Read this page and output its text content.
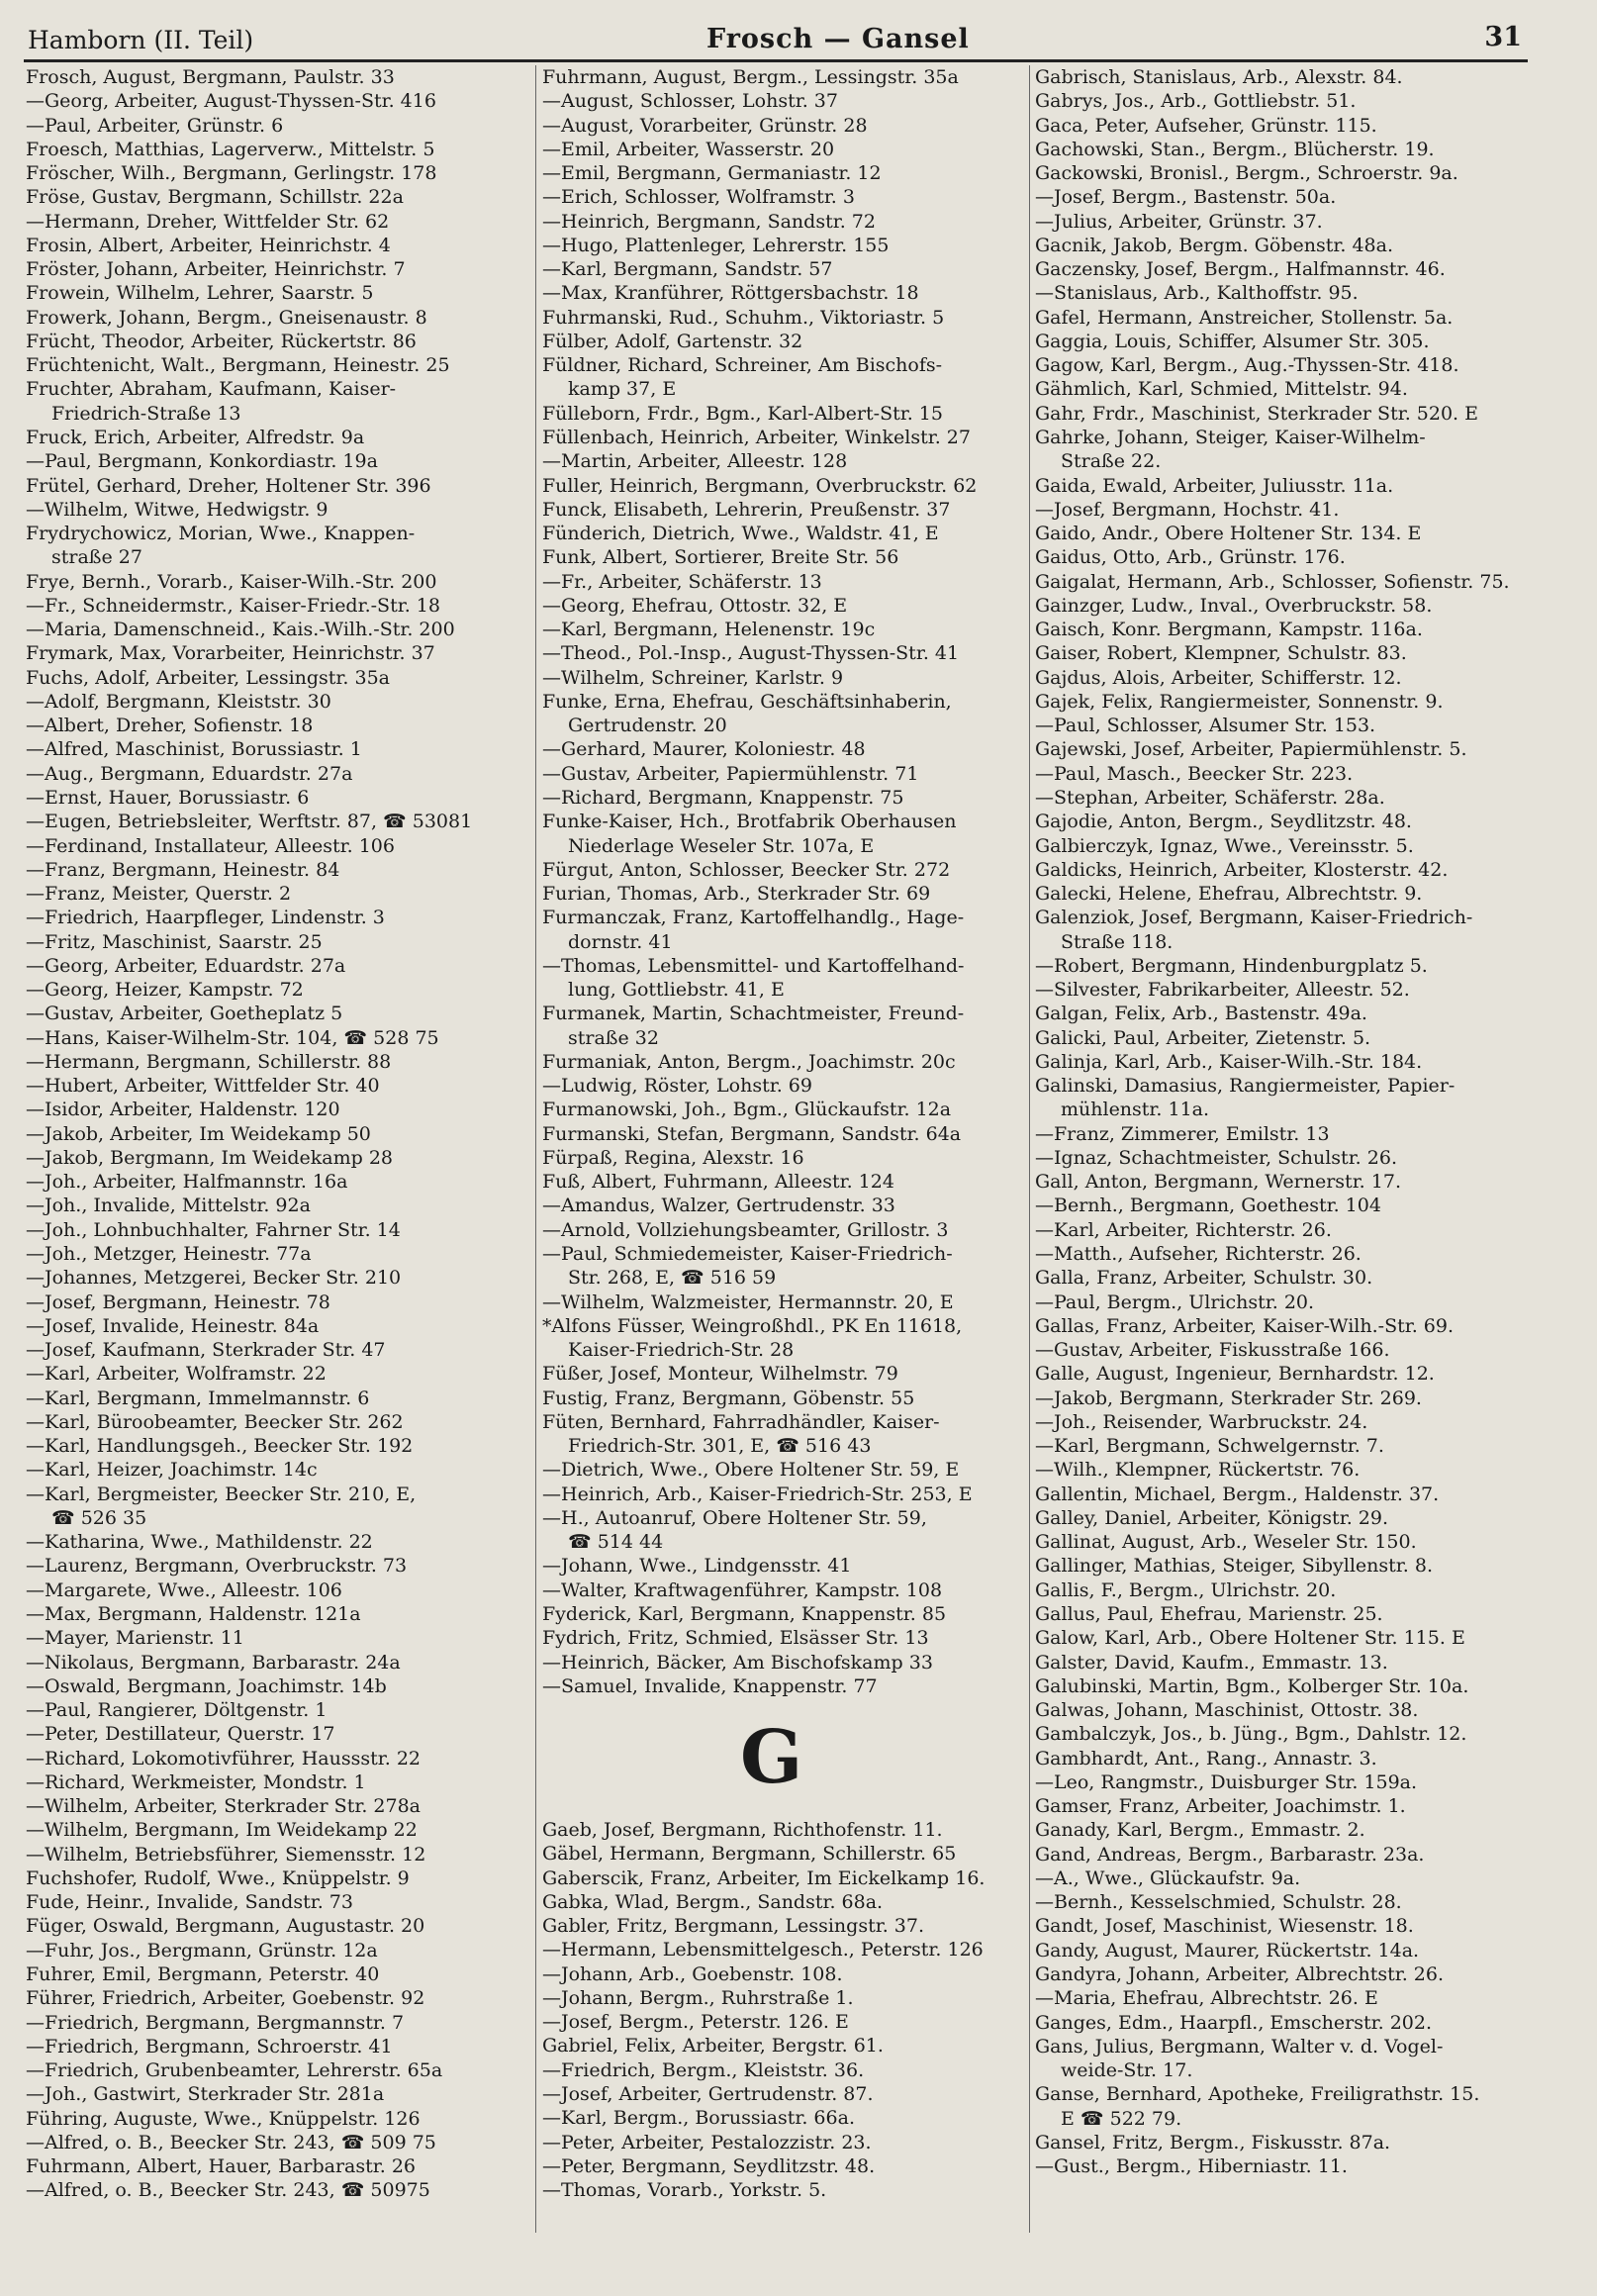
Hamborn (II. Teil)	Frosch — Gansel	31
Frosch, August, Bergmann, Paulstr. 33
—Georg, Arbeiter, August-Thyssen-Str. 416
—Paul, Arbeiter, Grünstr. 6
Froesch, Matthias, Lagerverw., Mittelstr. 5
Fröscher, Wilh., Bergmann, Gerlingstr. 178
Fröse, Gustav, Bergmann, Schillstr. 22a
—Hermann, Dreher, Wittfelder Str. 62
Frosin, Albert, Arbeiter, Heinrichstr. 4
Fröster, Johann, Arbeiter, Heinrichstr. 7
Frowein, Wilhelm, Lehrer, Saarstr. 5
Frowerk, Johann, Bergm., Gneisenaustr. 8
Frücht, Theodor, Arbeiter, Rückertstr. 86
Früchtenicht, Walt., Bergmann, Heinestr. 25
Fruchter, Abraham, Kaufmann, Kaiser-
Friedrich-Straße 13
Fruck, Erich, Arbeiter, Alfredstr. 9a
—Paul, Bergmann, Konkordiastr. 19a
Frütel, Gerhard, Dreher, Holtener Str. 396
—Wilhelm, Witwe, Hedwigstr. 9
Frydrychowicz, Morian, Wwe., Knappen-
straße 27
Frye, Bernh., Vorarb., Kaiser-Wilh.-Str. 200
—Fr., Schneidermstr., Kaiser-Friedr.-Str. 18
—Maria, Damenschneid., Kais.-Wilh.-Str. 200
Frymark, Max, Vorarbeiter, Heinrichstr. 37
Fuchs, Adolf, Arbeiter, Lessingstr. 35a
—Adolf, Bergmann, Kleiststr. 30
—Albert, Dreher, Sofienstr. 18
—Alfred, Maschinist, Borussiastr. 1
—Aug., Bergmann, Eduardstr. 27a
—Ernst, Hauer, Borussiastr. 6
—Eugen, Betriebsleiter, Werftstr. 87, ☎ 53081
—Ferdinand, Installateur, Alleestr. 106
—Franz, Bergmann, Heinestr. 84
—Franz, Meister, Querstr. 2
—Friedrich, Haarpfleger, Lindenstr. 3
—Fritz, Maschinist, Saarstr. 25
—Georg, Arbeiter, Eduardstr. 27a
—Georg, Heizer, Kampstr. 72
—Gustav, Arbeiter, Goetheplatz 5
—Hans, Kaiser-Wilhelm-Str. 104, ☎ 528 75
—Hermann, Bergmann, Schillerstr. 88
—Hubert, Arbeiter, Wittfelder Str. 40
—Isidor, Arbeiter, Haldenstr. 120
—Jakob, Arbeiter, Im Weidekamp 50
—Jakob, Bergmann, Im Weidekamp 28
—Joh., Arbeiter, Halfmannstr. 16a
—Joh., Invalide, Mittelstr. 92a
—Joh., Lohnbuchhalter, Fahrner Str. 14
—Joh., Metzger, Heinestr. 77a
—Johannes, Metzgerei, Becker Str. 210
—Josef, Bergmann, Heinestr. 78
—Josef, Invalide, Heinestr. 84a
—Josef, Kaufmann, Sterkrader Str. 47
—Karl, Arbeiter, Wolframstr. 22
—Karl, Bergmann, Immelmannstr. 6
—Karl, Büroobeamter, Beecker Str. 262
—Karl, Handlungsgeh., Beecker Str. 192
—Karl, Heizer, Joachimstr. 14c
—Karl, Bergmeister, Beecker Str. 210, E,
☎ 526 35
—Katharina, Wwe., Mathildenstr. 22
—Laurenz, Bergmann, Overbruckstr. 73
—Margarete, Wwe., Alleestr. 106
—Max, Bergmann, Haldenstr. 121a
—Mayer, Marienstr. 11
—Nikolaus, Bergmann, Barbarastr. 24a
—Oswald, Bergmann, Joachimstr. 14b
—Paul, Rangierer, Döltgenstr. 1
—Peter, Destillateur, Querstr. 17
—Richard, Lokomotivführer, Haussstr. 22
—Richard, Werkmeister, Mondstr. 1
—Wilhelm, Arbeiter, Sterkrader Str. 278a
—Wilhelm, Bergmann, Im Weidekamp 22
—Wilhelm, Betriebsführer, Siemensstr. 12
Fuchshofer, Rudolf, Wwe., Knüppelstr. 9
Fude, Heinr., Invalide, Sandstr. 73
Füger, Oswald, Bergmann, Augustastr. 20
—Fuhr, Jos., Bergmann, Grünstr. 12a
Fuhrer, Emil, Bergmann, Peterstr. 40
Führer, Friedrich, Arbeiter, Goebenstr. 92
—Friedrich, Bergmann, Bergmannstr. 7
—Friedrich, Bergmann, Schroerstr. 41
—Friedrich, Grubenbeamter, Lehrerstr. 65a
—Joh., Gastwirt, Sterkrader Str. 281a
Führing, Auguste, Wwe., Knüppelstr. 126
—Alfred, o. B., Beecker Str. 243, ☎ 509 75
Fuhrmann, Albert, Hauer, Barbarastr. 26
—Alfred, o. B., Beecker Str. 243, ☎ 50975
Fuhrmann, August, Bergm., Lessingstr. 35a
—August, Schlosser, Lohstr. 37
—August, Vorarbeiter, Grünstr. 28
—Emil, Arbeiter, Wasserstr. 20
—Emil, Bergmann, Germaniastr. 12
—Erich, Schlosser, Wolframstr. 3
—Heinrich, Bergmann, Sandstr. 72
—Hugo, Plattenleger, Lehrerstr. 155
—Karl, Bergmann, Sandstr. 57
—Max, Kranführer, Röttgersbachstr. 18
Fuhrmanski, Rud., Schuhm., Viktoriastr. 5
Fülber, Adolf, Gartenstr. 32
Füldner, Richard, Schreiner, Am Bischofs-
kamp 37, E
Fülleborn, Frdr., Bgm., Karl-Albert-Str. 15
Füllenbach, Heinrich, Arbeiter, Winkelstr. 27
—Martin, Arbeiter, Alleestr. 128
Fuller, Heinrich, Bergmann, Overbruckstr. 62
Funck, Elisabeth, Lehrerin, Preußenstr. 37
Fünderich, Dietrich, Wwe., Waldstr. 41, E
Funk, Albert, Sortierer, Breite Str. 56
—Fr., Arbeiter, Schäferstr. 13
—Georg, Ehefrau, Ottostr. 32, E
—Karl, Bergmann, Helenenstr. 19c
—Theod., Pol.-Insp., August-Thyssen-Str. 41
—Wilhelm, Schreiner, Karlstr. 9
Funke, Erna, Ehefrau, Geschäftsinhaberin,
Gertrudenstr. 20
—Gerhard, Maurer, Koloniestr. 48
—Gustav, Arbeiter, Papiermühlenstr. 71
—Richard, Bergmann, Knappenstr. 75
Funke-Kaiser, Hch., Brotfabrik Oberhausen
Niederlage Weseler Str. 107a, E
Fürgut, Anton, Schlosser, Beecker Str. 272
Furian, Thomas, Arb., Sterkrader Str. 69
Furmanczak, Franz, Kartoffelhandlg., Hage-
dornstr. 41
—Thomas, Lebensmittel- und Kartoffelhand-
lung, Gottliebstr. 41, E
Furmanek, Martin, Schachtmeister, Freund-
straße 32
Furmaniak, Anton, Bergm., Joachimstr. 20c
—Ludwig, Röster, Lohstr. 69
Furmanowski, Joh., Bgm., Glückaufstr. 12a
Furmanski, Stefan, Bergmann, Sandstr. 64a
Fürpaß, Regina, Alexstr. 16
Fuß, Albert, Fuhrmann, Alleestr. 124
—Amandus, Walzer, Gertrudenstr. 33
—Arnold, Vollziehungsbeamter, Grillostr. 3
—Paul, Schmiedemeister, Kaiser-Friedrich-
Str. 268, E, ☎ 516 59
—Wilhelm, Walzmeister, Hermannstr. 20, E
*Alfons Füsser, Weingroßhdl., PK En 11618,
Kaiser-Friedrich-Str. 28
Füßer, Josef, Monteur, Wilhelmstr. 79
Fustig, Franz, Bergmann, Göbenstr. 55
Füten, Bernhard, Fahrradhändler, Kaiser-
Friedrich-Str. 301, E, ☎ 516 43
—Dietrich, Wwe., Obere Holtener Str. 59, E
—Heinrich, Arb., Kaiser-Friedrich-Str. 253, E
—H., Autoanruf, Obere Holtener Str. 59,
☎ 514 44
—Johann, Wwe., Lindgensstr. 41
—Walter, Kraftwagenführer, Kampstr. 108
Fyderick, Karl, Bergmann, Knappenstr. 85
Fydrich, Fritz, Schmied, Elsässer Str. 13
—Heinrich, Bäcker, Am Bischofskamp 33
—Samuel, Invalide, Knappenstr. 77
G
Gaeb, Josef, Bergmann, Richthofenstr. 11.
Gäbel, Hermann, Bergmann, Schillerstr. 65
Gaberscik, Franz, Arbeiter, Im Eickelkamp 16.
Gabka, Wlad, Bergm., Sandstr. 68a.
Gabler, Fritz, Bergmann, Lessingstr. 37.
—Hermann, Lebensmittelgesch., Peterstr. 126
—Johann, Arb., Goebenstr. 108.
—Johann, Bergm., Ruhrstraße 1.
—Josef, Bergm., Peterstr. 126. E
Gabriel, Felix, Arbeiter, Bergstr. 61.
—Friedrich, Bergm., Kleiststr. 36.
—Josef, Arbeiter, Gertrudenstr. 87.
—Karl, Bergm., Borussiastr. 66a.
—Peter, Arbeiter, Pestalozzistr. 23.
—Peter, Bergmann, Seydlitzstr. 48.
—Thomas, Vorarb., Yorkstr. 5.
Gabrisch, Stanislaus, Arb., Alexstr. 84.
Gabrys, Jos., Arb., Gottliebstr. 51.
Gaca, Peter, Aufseher, Grünstr. 115.
Gachowski, Stan., Bergm., Blücherstr. 19.
Gackowski, Bronisl., Bergm., Schroerstr. 9a.
—Josef, Bergm., Bastenstr. 50a.
—Julius, Arbeiter, Grünstr. 37.
Gacnik, Jakob, Bergm. Göbenstr. 48a.
Gaczensky, Josef, Bergm., Halfmannstr. 46.
—Stanislaus, Arb., Kalthoffstr. 95.
Gafel, Hermann, Anstreicher, Stollenstr. 5a.
Gaggia, Louis, Schiffer, Alsumer Str. 305.
Gagow, Karl, Bergm., Aug.-Thyssen-Str. 418.
Gähmlich, Karl, Schmied, Mittelstr. 94.
Gahr, Frdr., Maschinist, Sterkrader Str. 520. E
Gahrke, Johann, Steiger, Kaiser-Wilhelm-
Straße 22.
Gaida, Ewald, Arbeiter, Juliusstr. 11a.
—Josef, Bergmann, Hochstr. 41.
Gaido, Andr., Obere Holtener Str. 134. E
Gaidus, Otto, Arb., Grünstr. 176.
Gaigalat, Hermann, Arb., Schlosser, Sofienstr. 75.
Gainzger, Ludw., Inval., Overbruckstr. 58.
Gaisch, Konr. Bergmann, Kampstr. 116a.
Gaiser, Robert, Klempner, Schulstr. 83.
Gajdus, Alois, Arbeiter, Schifferstr. 12.
Gajek, Felix, Rangiermeister, Sonnenstr. 9.
—Paul, Schlosser, Alsumer Str. 153.
Gajewski, Josef, Arbeiter, Papiermühlenstr. 5.
—Paul, Masch., Beecker Str. 223.
—Stephan, Arbeiter, Schäferstr. 28a.
Gajodie, Anton, Bergm., Seydlitzstr. 48.
Galbierczyk, Ignaz, Wwe., Vereinsstr. 5.
Galdicks, Heinrich, Arbeiter, Klosterstr. 42.
Galecki, Helene, Ehefrau, Albrechtstr. 9.
Galenziok, Josef, Bergmann, Kaiser-Friedrich-
Straße 118.
—Robert, Bergmann, Hindenburgplatz 5.
—Silvester, Fabrikarbeiter, Alleestr. 52.
Galgan, Felix, Arb., Bastenstr. 49a.
Galicki, Paul, Arbeiter, Zietenstr. 5.
Galinja, Karl, Arb., Kaiser-Wilh.-Str. 184.
Galinski, Damasius, Rangiermeister, Papier-
mühlenstr. 11a.
—Franz, Zimmerer, Emilstr. 13
—Ignaz, Schachtmeister, Schulstr. 26.
Gall, Anton, Bergmann, Wernerstr. 17.
—Bernh., Bergmann, Goethestr. 104
—Karl, Arbeiter, Richterstr. 26.
—Matth., Aufseher, Richterstr. 26.
Galla, Franz, Arbeiter, Schulstr. 30.
—Paul, Bergm., Ulrichstr. 20.
Gallas, Franz, Arbeiter, Kaiser-Wilh.-Str. 69.
—Gustav, Arbeiter, Fiskusstraße 166.
Galle, August, Ingenieur, Bernhardstr. 12.
—Jakob, Bergmann, Sterkrader Str. 269.
—Joh., Reisender, Warbruckstr. 24.
—Karl, Bergmann, Schwelgernstr. 7.
—Wilh., Klempner, Rückertstr. 76.
Gallentin, Michael, Bergm., Haldenstr. 37.
Galley, Daniel, Arbeiter, Königstr. 29.
Gallinat, August, Arb., Weseler Str. 150.
Gallinger, Mathias, Steiger, Sibyllenstr. 8.
Gallis, F., Bergm., Ulrichstr. 20.
Gallus, Paul, Ehefrau, Marienstr. 25.
Galow, Karl, Arb., Obere Holtener Str. 115. E
Galster, David, Kaufm., Emmastr. 13.
Galubinski, Martin, Bgm., Kolberger Str. 10a.
Galwas, Johann, Maschinist, Ottostr. 38.
Gambalczyk, Jos., b. Jüng., Bgm., Dahlstr. 12.
Gambhardt, Ant., Rang., Annastr. 3.
—Leo, Rangmstr., Duisburger Str. 159a.
Gamser, Franz, Arbeiter, Joachimstr. 1.
Ganady, Karl, Bergm., Emmastr. 2.
Gand, Andreas, Bergm., Barbarastr. 23a.
—A., Wwe., Glückaufstr. 9a.
—Bernh., Kesselschmied, Schulstr. 28.
Gandt, Josef, Maschinist, Wiesenstr. 18.
Gandy, August, Maurer, Rückertstr. 14a.
Gandyra, Johann, Arbeiter, Albrechtstr. 26.
—Maria, Ehefrau, Albrechtstr. 26. E
Ganges, Edm., Haarpfl., Emscherstr. 202.
Gans, Julius, Bergmann, Walter v. d. Vogel-
weide-Str. 17.
Ganse, Bernhard, Apotheke, Freiligrathstr. 15.
E ☎ 522 79.
Gansel, Fritz, Bergm., Fiskusstr. 87a.
—Gust., Bergm., Hiberniastr. 11.
